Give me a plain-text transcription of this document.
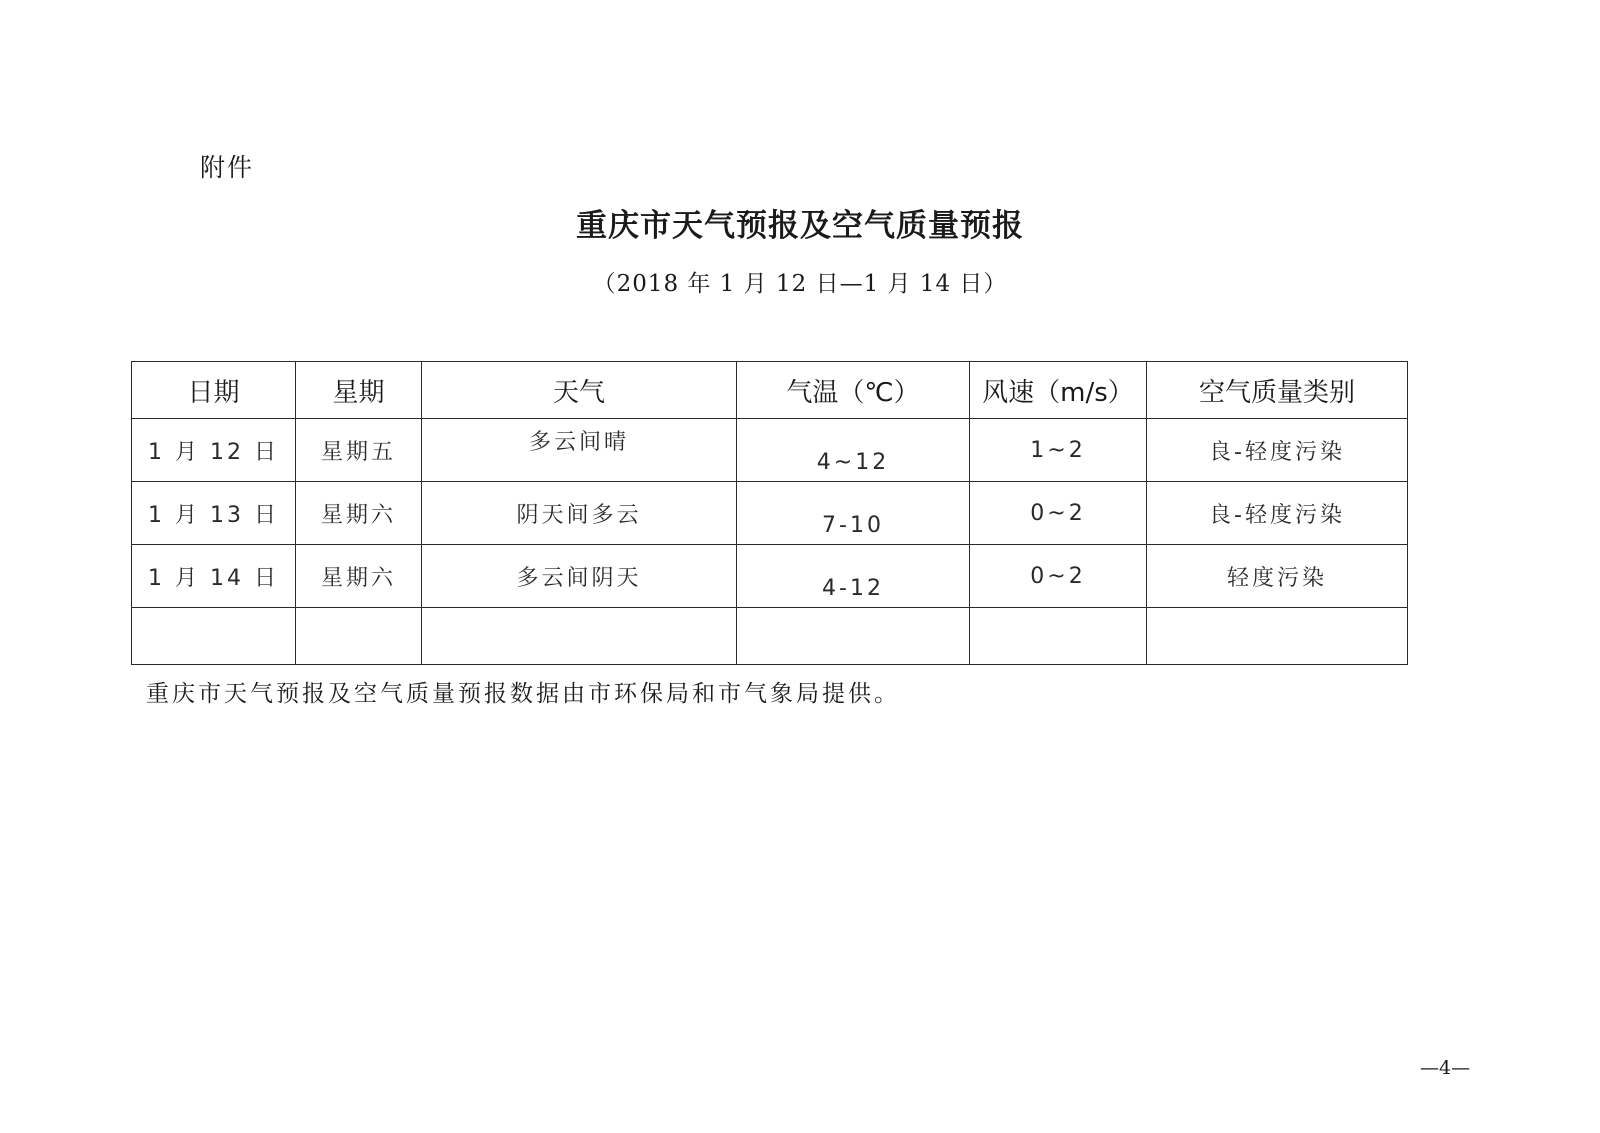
附件
重庆市天气预报及空气质量预报
（2018 年 1 月 12 日—1 月 14 日）
日期	星期	天气	气温（℃）	风速（m/s）	空气质量类别
1 月 12 日	星期五	多云间晴	4~12	1~2	良-轻度污染
1 月 13 日	星期六	阴天间多云	7-10	0~2	良-轻度污染
1 月 14 日	星期六	多云间阴天	4-12	0~2	轻度污染

重庆市天气预报及空气质量预报数据由市环保局和市气象局提供。
—4—
